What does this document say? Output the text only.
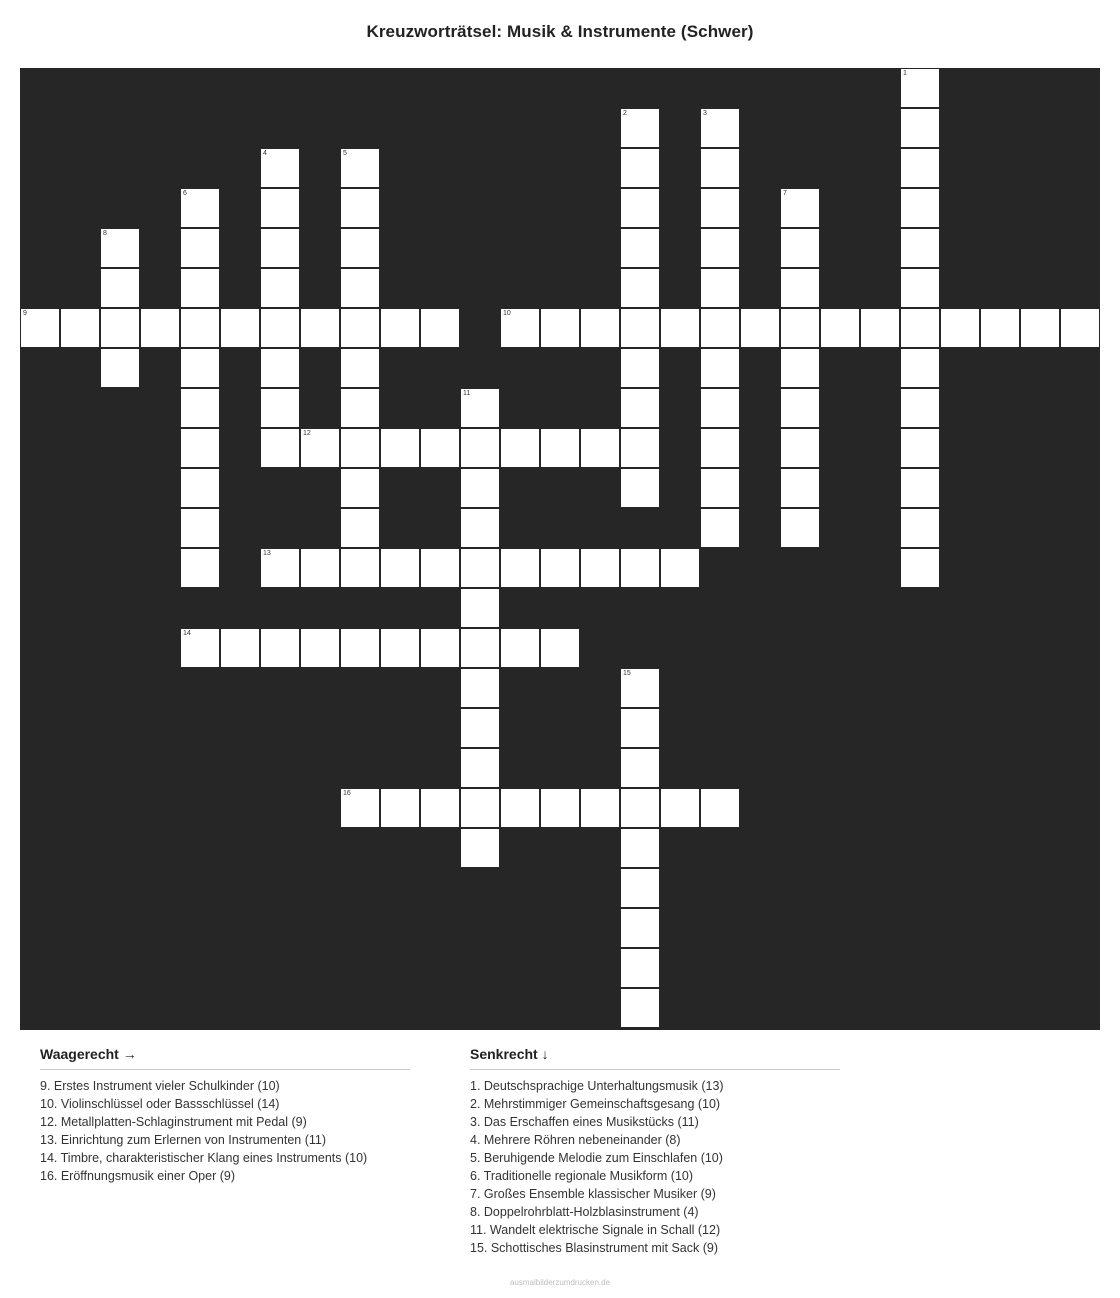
Kreuzworträtsel: Musik & Instrumente (Schwer)
1
2	3
4	5
6	7
8
9	10
11
12
13
14
15
16
Waagerecht →
9. Erstes Instrument vieler Schulkinder (10)
10. Violinschlüssel oder Bassschlüssel (14)
12. Metallplatten-Schlaginstrument mit Pedal (9)
13. Einrichtung zum Erlernen von Instrumenten (11)
14. Timbre, charakteristischer Klang eines Instruments (10)
16. Eröffnungsmusik einer Oper (9)
Senkrecht ↓
1. Deutschsprachige Unterhaltungsmusik (13)
2. Mehrstimmiger Gemeinschaftsgesang (10)
3. Das Erschaffen eines Musikstücks (11)
4. Mehrere Röhren nebeneinander (8)
5. Beruhigende Melodie zum Einschlafen (10)
6. Traditionelle regionale Musikform (10)
7. Großes Ensemble klassischer Musiker (9)
8. Doppelrohrblatt-Holzblasinstrument (4)
11. Wandelt elektrische Signale in Schall (12)
15. Schottisches Blasinstrument mit Sack (9)
ausmalbilderzumdrucken.de
